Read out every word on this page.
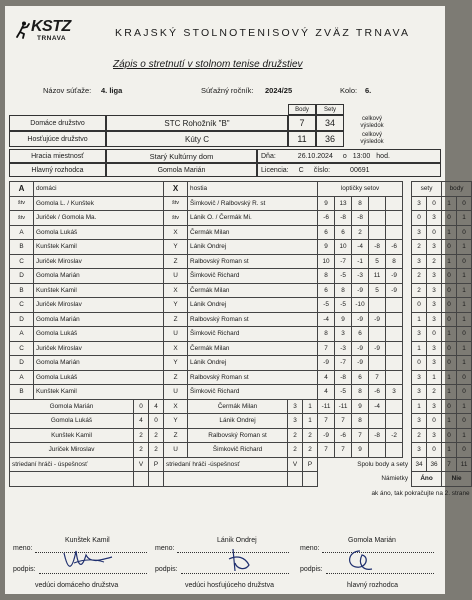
KSTZ
TRNAVA	KRAJSKÝ STOLNOTENISOVÝ ZVÄZ TRNAVA
Zápis o stretnutí v stolnom tenise družstiev
Názov súťaže: 4. liga	Súťažný ročník: 2024/25	Kolo: 6.
Body	Sety
Domáce družstvo	STC Rohožník "B"	7	34	celkový výsledok
Hosťujúce družstvo	Kúty C	11	36	celkový výsledok
Hracia miestnosť	Starý Kultúrny dom	Dňa:	26.10.2024 o 13:00 hod.
Hlavný rozhodca	Gomola Marián	Licencia: C číslo:	00691
A	domáci			X	hostia			loptičky setov						sety		body	
štv	Gomola L. / Kunštek			štv	Šimkovič / Ralbovský R. st			9	13	8				3	0	1	0
štv	Juriček / Gomola Ma.			štv	Lánik O. / Čermák Mi.			-6	-8	-8				0	3	0	1
A	Gomola Lukáš			X	Čermák Milan			6	6	2				3	0	1	0
B	Kunštek Kamil			Y	Lánik Ondrej			9	10	-4	-8	-6		2	3	0	1
C	Juriček Miroslav			Z	Ralbovský Roman st			10	-7	-1	5	8		3	2	1	0
D	Gomola Marián			U	Šimkovič Richard			8	-5	-3	11	-9		2	3	0	1
B	Kunštek Kamil			X	Čermák Milan			6	8	-9	5	-9		2	3	0	1
C	Juriček Miroslav			Y	Lánik Ondrej			-5	-5	-10				0	3	0	1
D	Gomola Marián			Z	Ralbovský Roman st			-4	9	-9	-9			1	3	0	1
A	Gomola Lukáš			U	Šimkovič Richard			8	3	6				3	0	1	0
C	Juriček Miroslav			X	Čermák Milan			7	-3	-9	-9			1	3	0	1
D	Gomola Marián			Y	Lánik Ondrej			-9	-7	-9				0	3	0	1
A	Gomola Lukáš			Z	Ralbovský Roman st			4	-8	6	7			3	1	1	0
B	Kunštek Kamil			U	Šimkovič Richard			4	-5	8	-6	3		3	2	1	0
Gomola Marián		0	4	X	Čermák Milan	3	1	-11	-11	9	-4			1	3	0	1
Gomola Lukáš		4	0	Y	Lánik Ondrej	3	1	7	7	8				3	0	1	0
Kunštek Kamil		2	2	Z	Ralbovský Roman st	2	2	-9	-6	7	-8	-2		2	3	0	1
Juriček Miroslav		2	2	U	Šimkovič Richard	2	2	7	7	9				3	0	1	0
striedaní hráči - úspešnosť		V	P	striedaní hráči -úspešnosť		V	P	Spolu body a sety						34	36	7	11
								Námietky						Áno		Nie	
								ak áno, tak pokračujte na 2. strane									
meno:
Kunštek Kamil
meno:
Lánik Ondrej
meno:
Gomola Marián
podpis:	podpis:	podpis:
vedúci domáceho družstva	vedúci hosťujúceho družstva	hlavný rozhodca
